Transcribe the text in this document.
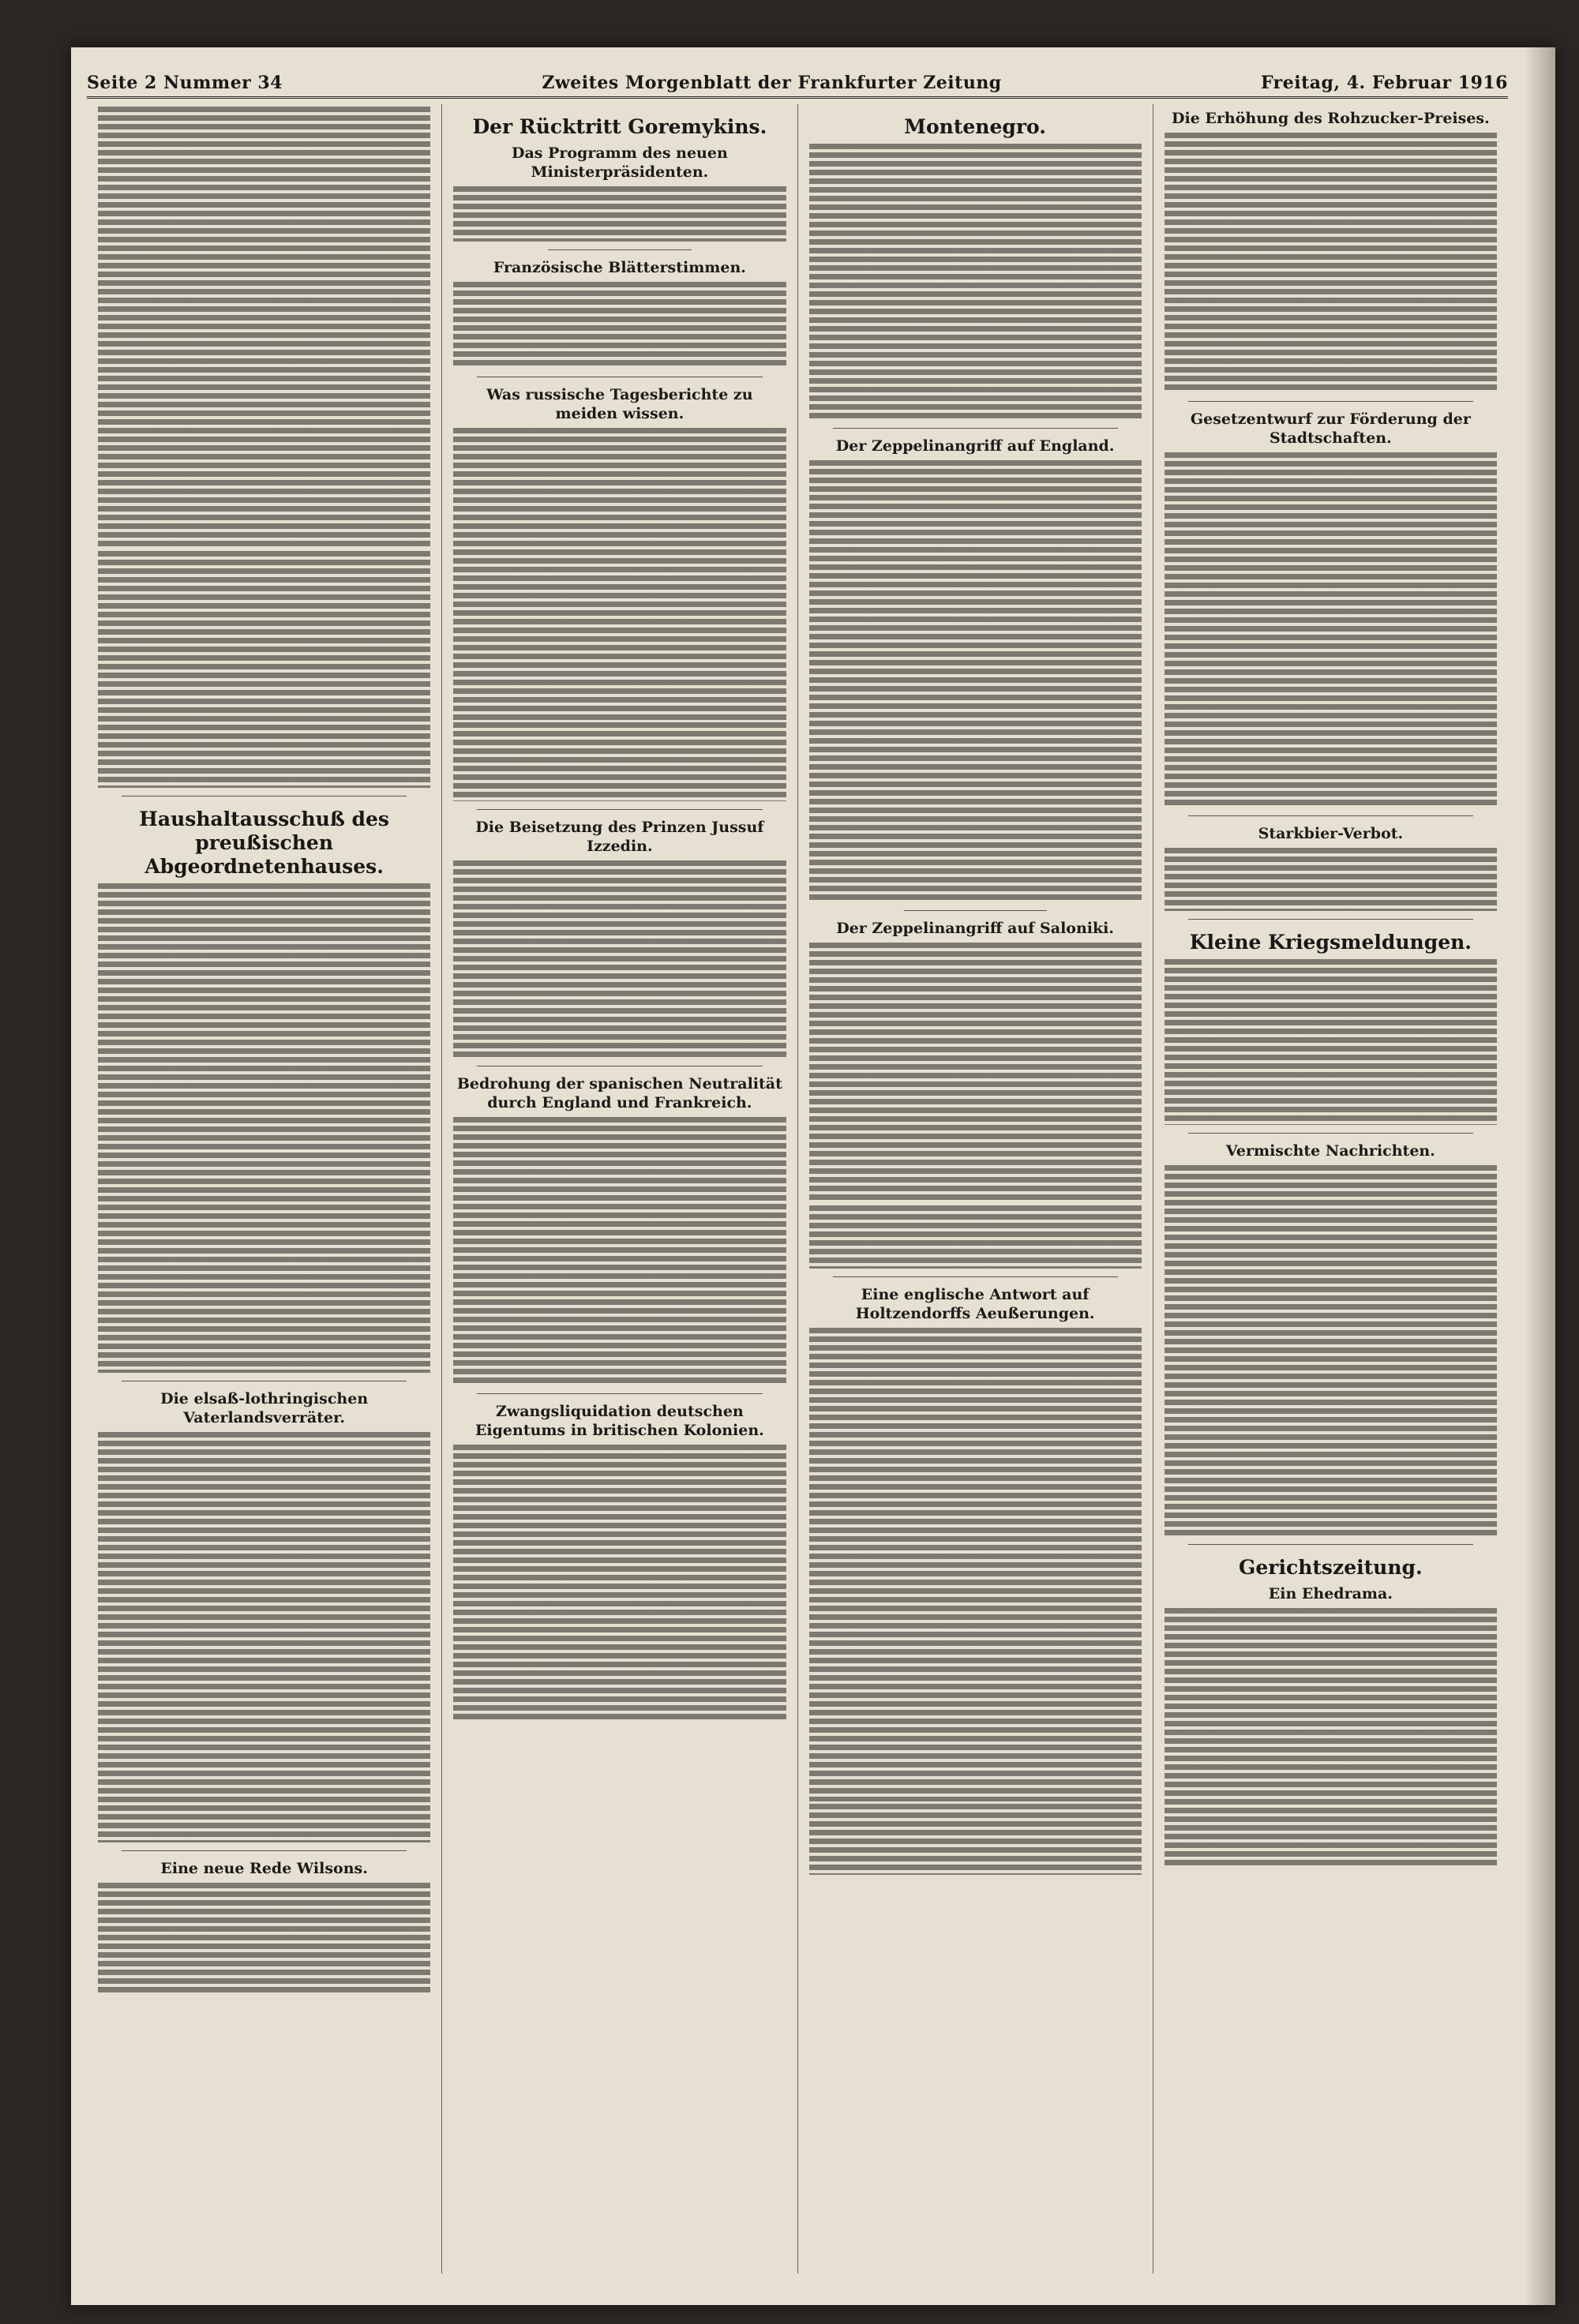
Seite 2 Nummer 34	Zweites Morgenblatt der Frankfurter Zeitung	Freitag, 4. Februar 1916
Haushaltausschuß des preußischen Abgeordnetenhauses.
Die elsaß-lothringischen Vaterlandsverräter.
Eine neue Rede Wilsons.
Der Rücktritt Goremykins.
Das Programm des neuen Ministerpräsidenten.
Französische Blätterstimmen.
Was russische Tagesberichte zu meiden wissen.
Die Beisetzung des Prinzen Jussuf Izzedin.
Bedrohung der spanischen Neutralität durch England und Frankreich.
Zwangsliquidation deutschen Eigentums in britischen Kolonien.
Montenegro.
Der Zeppelinangriff auf England.
Der Zeppelinangriff auf Saloniki.
Eine englische Antwort auf Holtzendorffs Aeußerungen.
Die Erhöhung des Rohzucker-Preises.
Gesetzentwurf zur Förderung der Stadtschaften.
Starkbier-Verbot.
Kleine Kriegsmeldungen.
Vermischte Nachrichten.
Gerichtszeitung.
Ein Ehedrama.
